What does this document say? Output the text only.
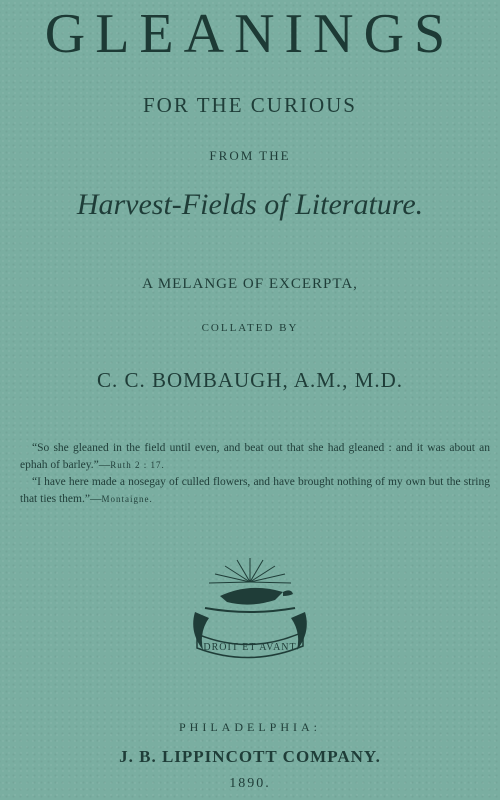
GLEANINGS
FOR THE CURIOUS
FROM THE
Harvest-Fields of Literature.
A MELANGE OF EXCERPTA,
COLLATED BY
C. C. BOMBAUGH, A.M., M.D.

“So she gleaned in the field until even, and beat out that she had gleaned : and it was about an ephah of barley.”—Ruth 2 : 17.

“I have here made a nosegay of culled flowers, and have brought nothing of my own but the string that ties them.”—Montaigne.

DROIT ET AVANT
PHILADELPHIA:
J. B. LIPPINCOTT COMPANY.
1890.
